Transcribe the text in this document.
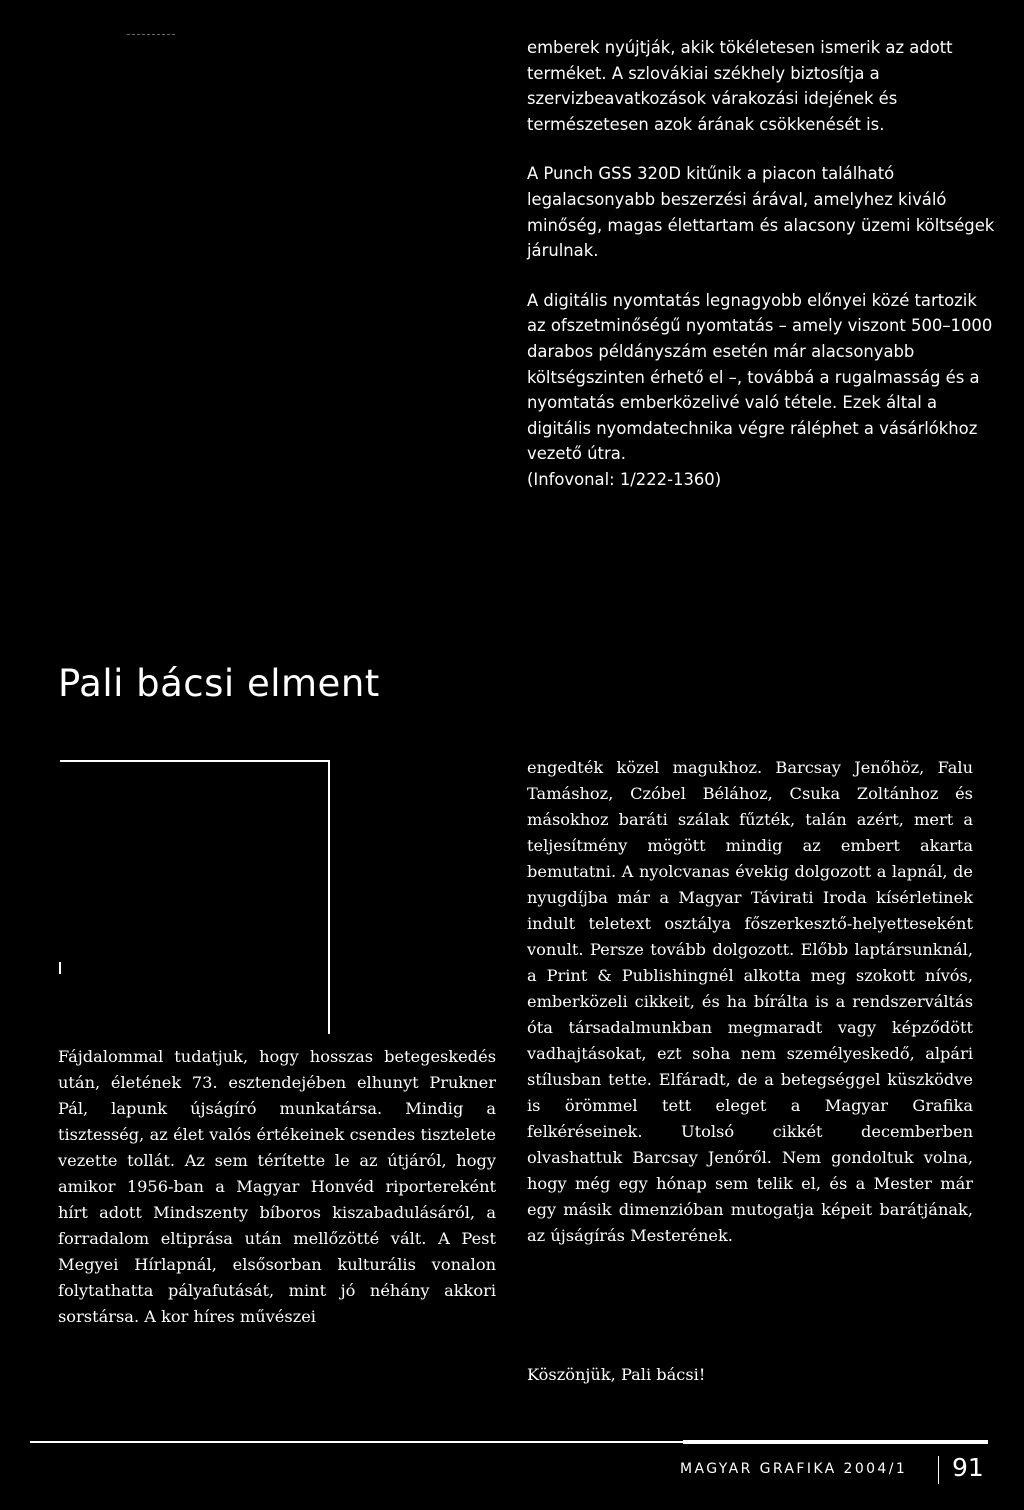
emberek nyújtják, akik tökéletesen ismerik az adott terméket. A szlovákiai székhely biztosítja a szervizbeavatkozások várakozási idejének és természetesen azok árának csökkenését is.

A Punch GSS 320D kitűnik a piacon található legalacsonyabb beszerzési árával, amelyhez kiváló minőség, magas élettartam és alacsony üzemi költségek járulnak.

A digitális nyomtatás legnagyobb előnyei közé tartozik az ofszetminőségű nyomtatás – amely viszont 500–1000 darabos példányszám esetén már alacsonyabb költségszinten érhető el –, továbbá a rugalmasság és a nyomtatás emberközelivé való tétele. Ezek által a digitális nyomdatechnika végre ráléphet a vásárlókhoz vezető útra.

(Infovonal: 1/222-1360)

Pali bácsi elment

Fájdalommal tudatjuk, hogy hosszas betegeskedés után, életének 73. esztendejében elhunyt Prukner Pál, lapunk újságíró munkatársa. Mindig a tisztesség, az élet valós értékeinek csendes tisztelete vezette tollát. Az sem térítette le az útjáról, hogy amikor 1956-ban a Magyar Honvéd riportereként hírt adott Mindszenty bíboros kiszabadulásáról, a forradalom eltiprása után mellőzötté vált. A Pest Megyei Hírlapnál, elsősorban kulturális vonalon folytathatta pályafutását, mint jó néhány akkori sorstársa. A kor híres művészei

engedték közel magukhoz. Barcsay Jenőhöz, Falu Tamáshoz, Czóbel Bélához, Csuka Zoltánhoz és másokhoz baráti szálak fűzték, talán azért, mert a teljesítmény mögött mindig az embert akarta bemutatni. A nyolcvanas évekig dolgozott a lapnál, de nyugdíjba már a Magyar Távirati Iroda kísérletinek indult teletext osztálya főszerkesztő-helyetteseként vonult. Persze tovább dolgozott. Előbb laptársunknál, a Print & Publishingnél alkotta meg szokott nívós, emberközeli cikkeit, és ha bírálta is a rendszerváltás óta társadalmunkban megmaradt vagy képződött vadhajtásokat, ezt soha nem személyeskedő, alpári stílusban tette. Elfáradt, de a betegséggel küszködve is örömmel tett eleget a Magyar Grafika felkéréseinek. Utolsó cikkét decemberben olvashattuk Barcsay Jenőről. Nem gondoltuk volna, hogy még egy hónap sem telik el, és a Mester már egy másik dimenzióban mutogatja képeit barátjának, az újságírás Mesterének.

Köszönjük, Pali bácsi!

MAGYAR GRAFIKA 2004/1 91
